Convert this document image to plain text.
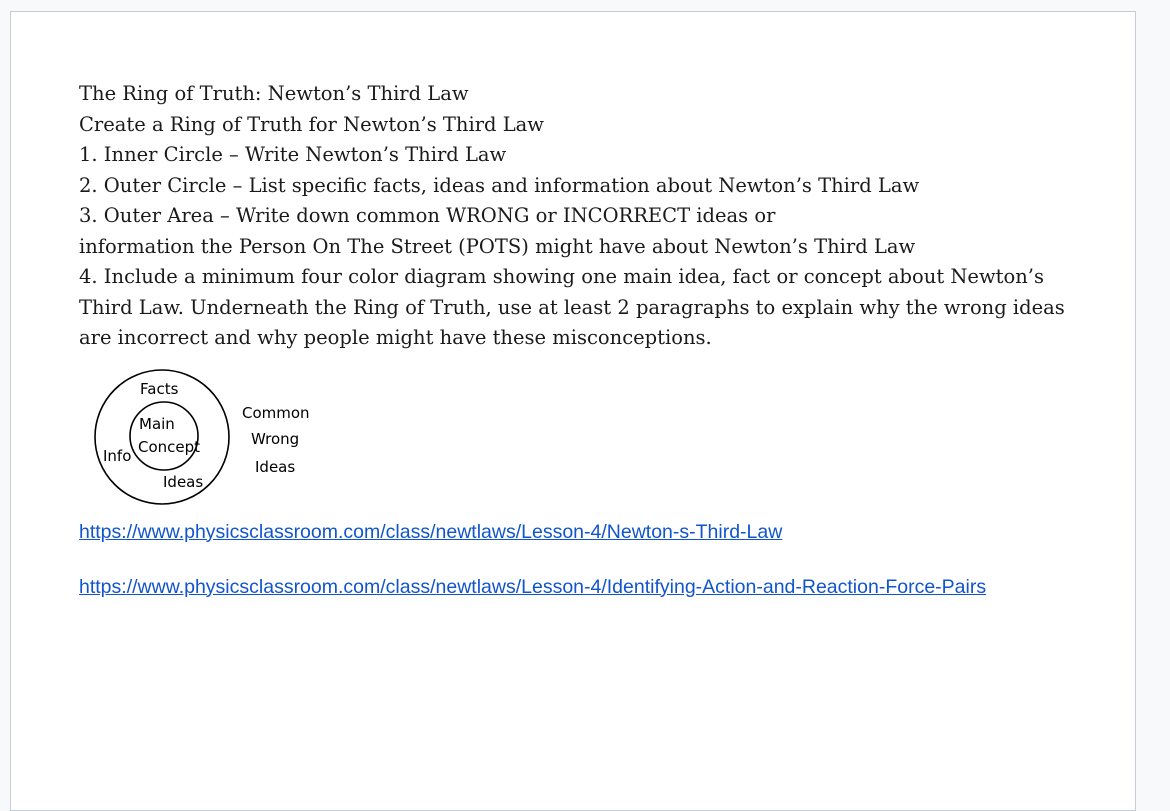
The Ring of Truth: Newton’s Third Law

Create a Ring of Truth for Newton’s Third Law

1. Inner Circle – Write Newton’s Third Law

2. Outer Circle – List specific facts, ideas and information about Newton’s Third Law

3. Outer Area – Write down common WRONG or INCORRECT ideas or

information the Person On The Street (POTS) might have about Newton’s Third Law

4. Include a minimum four color diagram showing one main idea, fact or concept about Newton’s Third Law. Underneath the Ring of Truth, use at least 2 paragraphs to explain why the wrong ideas are incorrect and why people might have these misconceptions.

Facts
Main
Concept
Info
Ideas
Common
Wrong
Ideas
https://www.physicsclassroom.com/class/newtlaws/Lesson-4/Newton-s-Third-Law
https://www.physicsclassroom.com/class/newtlaws/Lesson-4/Identifying-Action-and-Reaction-Force-Pairs
